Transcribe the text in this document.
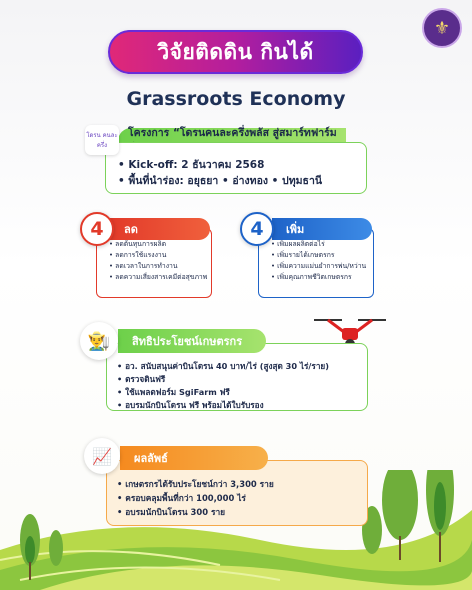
⚜
วิจัยติดดิน กินได้
Grassroots Economy
โครงการ “โดรนคนละครึ่งพลัส สู่สมาร์ทฟาร์ม
• Kick-off: 2 ธันวาคม 2568
• พื้นที่นำร่อง: อยุธยา • อ่างทอง • ปทุมธานี
โดรน คนละครึ่ง
• ลดต้นทุนการผลิต
• ลดการใช้แรงงาน
• ลดเวลาในการทำงาน
• ลดความเสี่ยงสารเคมีต่อสุขภาพ
ลด
4
• เพิ่มผลผลิตต่อไร่
• เพิ่มรายได้เกษตรกร
• เพิ่มความแม่นยำการพ่น/หว่าน
• เพิ่มคุณภาพชีวิตเกษตรกร
เพิ่ม
4
• อว. สนับสนุนค่าบินโดรน 40 บาท/ไร่ (สูงสุด 30 ไร่/ราย)
• ตรวจดินฟรี
• ใช้แพลตฟอร์ม SgiFarm ฟรี
• อบรมนักบินโดรน ฟรี พร้อมได้ใบรับรอง
สิทธิประโยชน์เกษตรกร
👨‍🌾
• เกษตรกรได้รับประโยชน์กว่า 3,300 ราย
• ครอบคลุมพื้นที่กว่า 100,000 ไร่
• อบรมนักบินโดรน 300 ราย
ผลลัพธ์
📈
